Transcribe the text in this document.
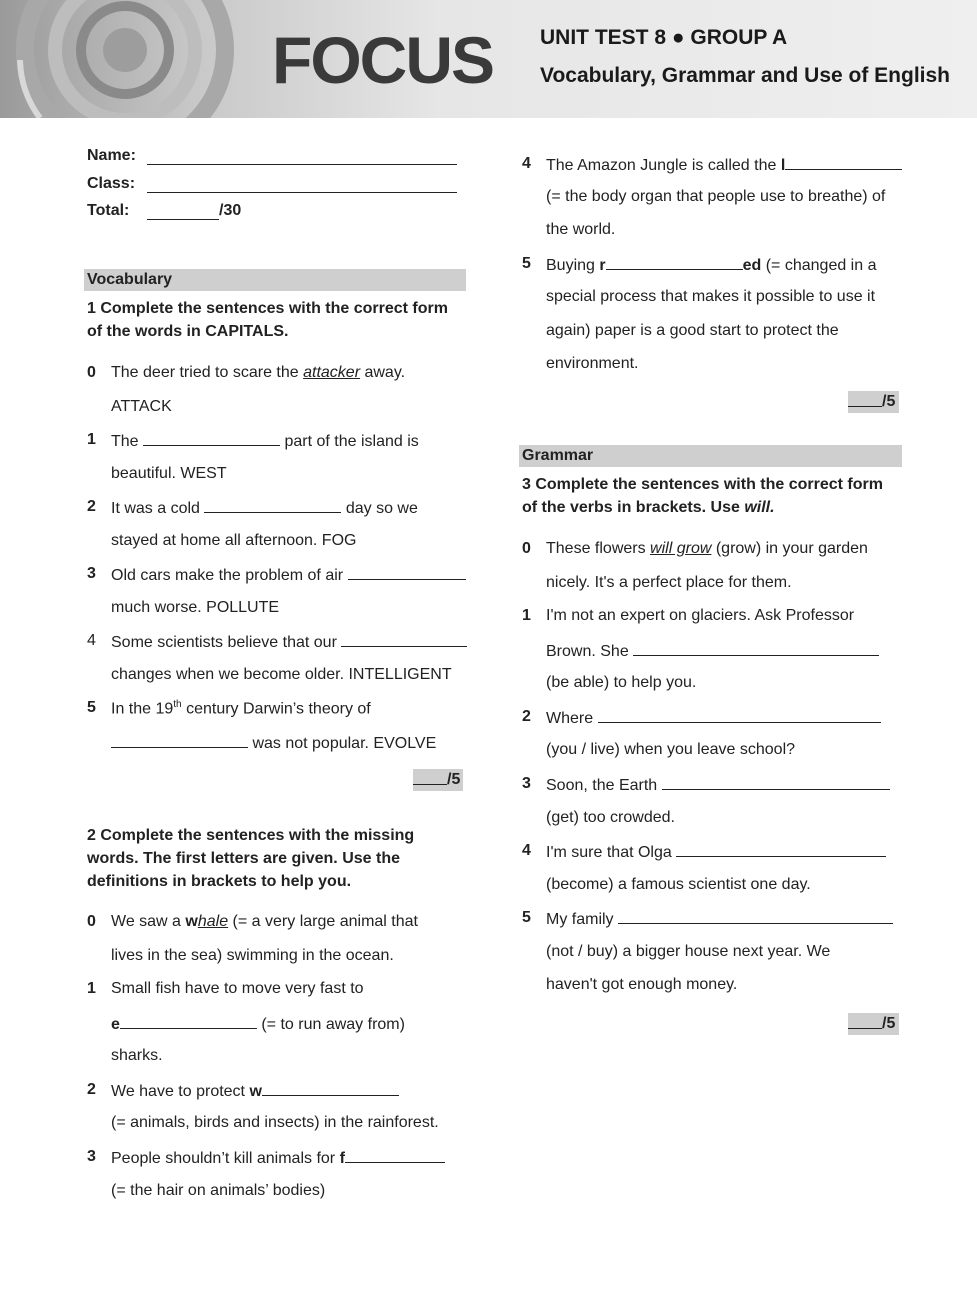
FOCUS UNIT TEST 8 ● GROUP A
Vocabulary, Grammar and Use of English
Name:
Class:
Total:	/30
Vocabulary
1 Complete the sentences with the correct form
of the words in CAPITALS.
0 The deer tried to scare the attacker away.
ATTACK
1 The	part of the island is
beautiful. WEST
2 It was a cold	day so we
stayed at home all afternoon. FOG
3 Old cars make the problem of air
much worse. POLLUTE
4 Some scientists believe that our
changes when we become older. INTELLIGENT
5 In the 19th century Darwin’s theory of
was not popular. EVOLVE
/5
2 Complete the sentences with the missing
words. The first letters are given. Use the
definitions in brackets to help you.
0 We saw a whale (= a very large animal that
lives in the sea) swimming in the ocean.
1 Small fish have to move very fast to
e	(= to run away from)
sharks.
2 We have to protect w
(= animals, birds and insects) in the rainforest.
3 People shouldn’t kill animals for f
(= the hair on animals’ bodies)
4 The Amazon Jungle is called the l
(= the body organ that people use to breathe) of
the world.
5 Buying r	ed (= changed in a
special process that makes it possible to use it
again) paper is a good start to protect the
environment.
/5
Grammar
3 Complete the sentences with the correct form
of the verbs in brackets. Use will.
0 These flowers will grow (grow) in your garden
nicely. It's a perfect place for them.
1 I'm not an expert on glaciers. Ask Professor
Brown. She
(be able) to help you.
2 Where
(you / live) when you leave school?
3 Soon, the Earth
(get) too crowded.
4 I'm sure that Olga
(become) a famous scientist one day.
5 My family
(not / buy) a bigger house next year. We
haven't got enough money.
/5
